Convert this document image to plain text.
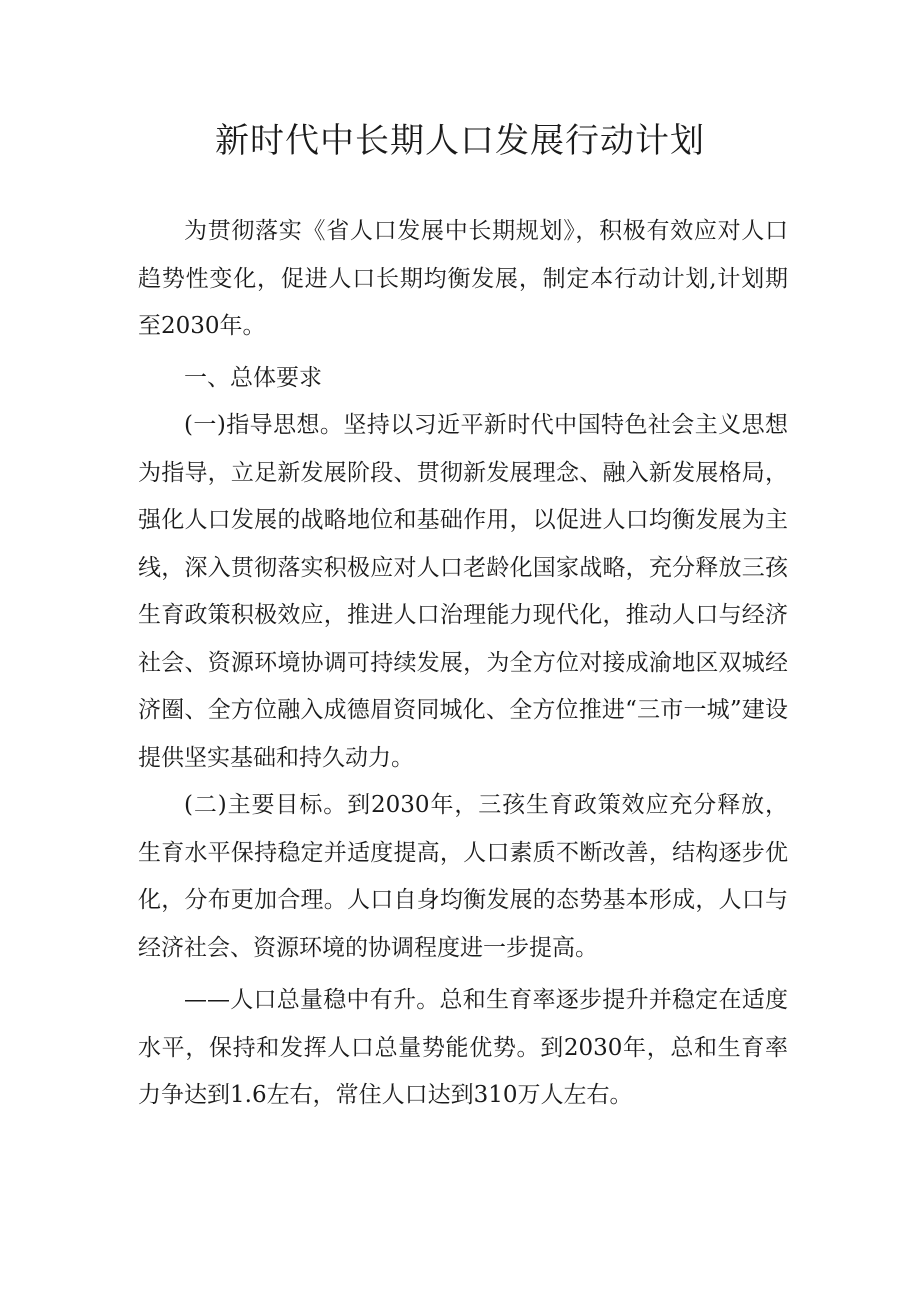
新时代中长期人口发展行动计划

为贯彻落实《省人口发展中长期规划》，积极有效应对人口趋势性变化，促进人口长期均衡发展，制定本行动计划,计划期至2030年。

一、总体要求

(一)指导思想。坚持以习近平新时代中国特色社会主义思想为指导，立足新发展阶段、贯彻新发展理念、融入新发展格局，强化人口发展的战略地位和基础作用，以促进人口均衡发展为主线，深入贯彻落实积极应对人口老龄化国家战略，充分释放三孩生育政策积极效应，推进人口治理能力现代化，推动人口与经济社会、资源环境协调可持续发展，为全方位对接成渝地区双城经济圈、全方位融入成德眉资同城化、全方位推进“三市一城”建设提供坚实基础和持久动力。

(二)主要目标。到2030年，三孩生育政策效应充分释放，生育水平保持稳定并适度提高，人口素质不断改善，结构逐步优化，分布更加合理。人口自身均衡发展的态势基本形成，人口与经济社会、资源环境的协调程度进一步提高。

——人口总量稳中有升。总和生育率逐步提升并稳定在适度水平，保持和发挥人口总量势能优势。到2030年，总和生育率力争达到1.6左右，常住人口达到310万人左右。
